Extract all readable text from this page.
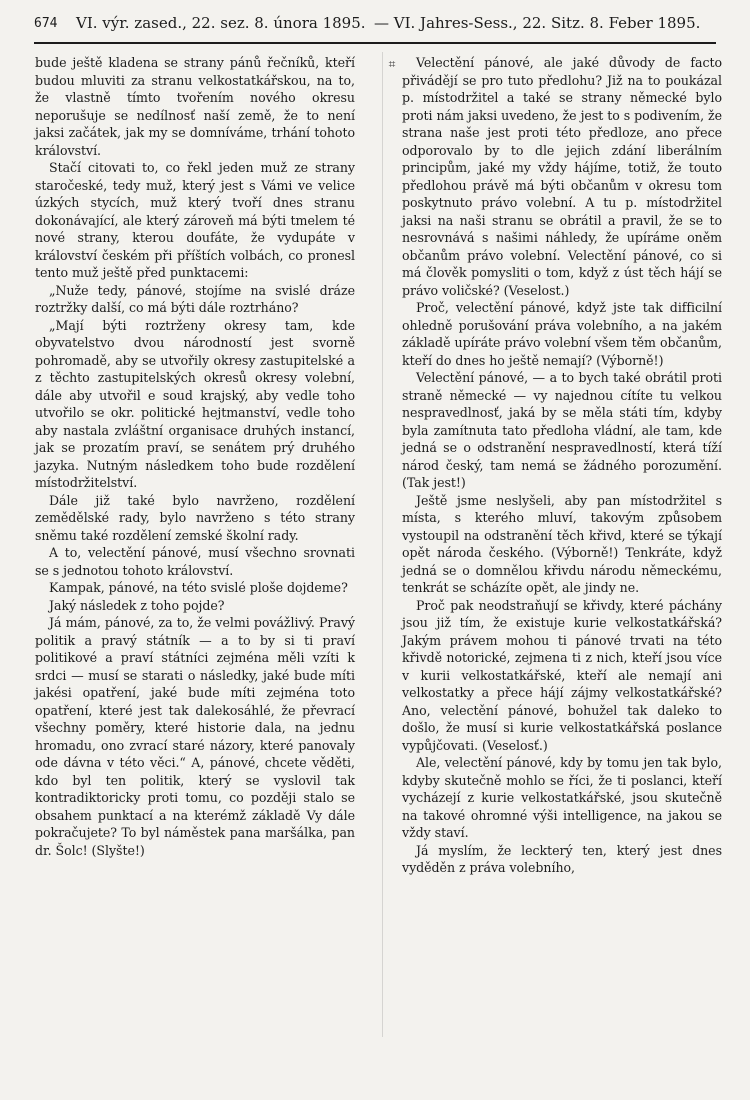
674 VI. výr. zased., 22. sez. 8. února 1895. — VI. Jahres-Sess., 22. Sitz. 8. Feber 1895.
⌗

bude ještě kladena se strany pánů řečníků, kteří budou mluviti za stranu velkostatkářskou, na to, že vlastně tímto tvořením nového okresu neporušuje se nedílnosť naší země, že to není jaksi začátek, jak my se domníváme, trhání tohoto království.

Stačí citovati to, co řekl jeden muž ze strany staročeské, tedy muž, který jest s Vámi ve velice úzkých stycích, muž který tvoří dnes stranu dokonávající, ale který zároveň má býti tmelem té nové strany, kterou doufáte, že vydupáte v království českém při příštích volbách, co pronesl tento muž ještě před punktacemi:

„Nuže tedy, pánové, stojíme na svislé dráze roztržky další, co má býti dále roztrháno?

„Mají býti roztrženy okresy tam, kde obyvatelstvo dvou národností jest svorně pohromadě, aby se utvořily okresy zastupitelské a z těchto zastupitelských okresů okresy volební, dále aby utvořil e soud krajský, aby vedle toho utvořilo se okr. politické hejtmanství, vedle toho aby nastala zvláštní organisace druhých instancí, jak se prozatím praví, se senátem prý druhého jazyka. Nutným následkem toho bude rozdělení místodržitelství.

Dále již také bylo navrženo, rozdělení zemědělské rady, bylo navrženo s této strany sněmu také rozdělení zemské školní rady.

A to, velectění pánové, musí všechno srovnati se s jednotou tohoto království.

Kampak, pánové, na této svislé ploše dojdeme?

Jaký následek z toho pojde?

Já mám, pánové, za to, že velmi povážlivý. Pravý politik a pravý státník — a to by si ti praví politikové a praví státníci zejména měli vzíti k srdci — musí se starati o následky, jaké bude míti jakési opatření, jaké bude míti zejména toto opatření, které jest tak dalekosáhlé, že převrací všechny poměry, které historie dala, na jednu hromadu, ono zvrací staré názory, které panovaly ode dávna v této věci.“ A, pánové, chcete věděti, kdo byl ten politik, který se vyslovil tak kontradiktoricky proti tomu, co později stalo se obsahem punktací a na kterémž základě Vy dále pokračujete? To byl náměstek pana maršálka, pan dr. Šolc! (Slyšte!)

Velectění pánové, ale jaké důvody de facto přivádějí se pro tuto předlohu? Již na to poukázal p. místodržitel a také se strany německé bylo proti nám jaksi uvedeno, že jest to s podivením, že strana naše jest proti této předloze, ano přece odporovalo by to dle jejich zdání liberálním principům, jaké my vždy hájíme, totiž, že touto předlohou právě má býti občanům v okresu tom poskytnuto právo volební. A tu p. místodržitel jaksi na naši stranu se obrátil a pravil, že se to nesrovnává s našimi náhledy, že upíráme oněm občanům právo volební. Velectění pánové, co si má člověk pomysliti o tom, když z úst těch hájí se právo voličské? (Veselost.)

Proč, velectění pánové, když jste tak difficilní ohledně porušování práva volebního, a na jakém základě upíráte právo volební všem těm občanům, kteří do dnes ho ještě nemají? (Výborně!)

Velectění pánové, — a to bych také obrátil proti straně německé — vy najednou cítíte tu velkou nespravedlnosť, jaká by se měla státi tím, kdyby byla zamítnuta tato předloha vládní, ale tam, kde jedná se o odstranění nespravedlností, která tíží národ český, tam nemá se žádného porozumění. (Tak jest!)

Ještě jsme neslyšeli, aby pan místodržitel s místa, s kterého mluví, takovým způsobem vystoupil na odstranění těch křivd, které se týkají opět národa českého. (Výborně!) Tenkráte, když jedná se o domnělou křivdu národu německému, tenkrát se scházíte opět, ale jindy ne.

Proč pak neodstraňují se křivdy, které páchány jsou již tím, že existuje kurie velkostatkářská? Jakým právem mohou ti pánové trvati na této křivdě notorické, zejmena ti z nich, kteří jsou více v kurii velkostatkářské, kteří ale nemají ani velkostatky a přece hájí zájmy velkostatkářské? Ano, velectění pánové, bohužel tak daleko to došlo, že musí si kurie velkostatkářská poslance vypůjčovati. (Veselosť.)

Ale, velectění pánové, kdy by tomu jen tak bylo, kdyby skutečně mohlo se říci, že ti poslanci, kteří vycházejí z kurie velkostatkářské, jsou skutečně na takové ohromné výši intelligence, na jakou se vždy staví.

Já myslím, že leckterý ten, který jest dnes vyděděn z práva volebního,
